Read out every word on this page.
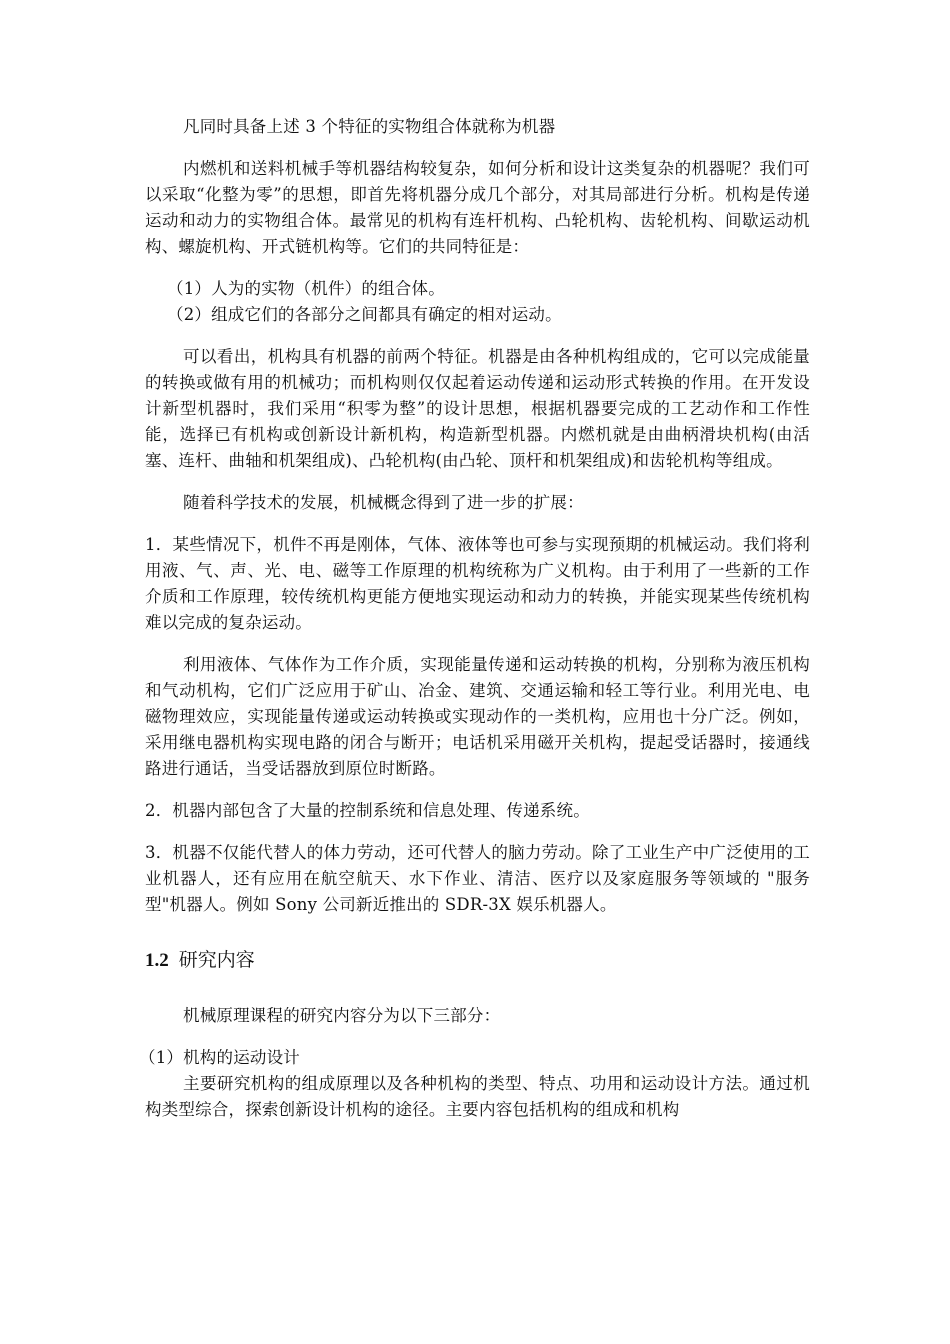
凡同时具备上述 3 个特征的实物组合体就称为机器

内燃机和送料机械手等机器结构较复杂，如何分析和设计这类复杂的机器呢？我们可以采取“化整为零”的思想，即首先将机器分成几个部分，对其局部进行分析。机构是传递运动和动力的实物组合体。最常见的机构有连杆机构、凸轮机构、齿轮机构、间歇运动机构、螺旋机构、开式链机构等。它们的共同特征是：

（1）人为的实物（机件）的组合体。

（2）组成它们的各部分之间都具有确定的相对运动。

可以看出，机构具有机器的前两个特征。机器是由各种机构组成的，它可以完成能量的转换或做有用的机械功；而机构则仅仅起着运动传递和运动形式转换的作用。在开发设计新型机器时，我们采用“积零为整”的设计思想，根据机器要完成的工艺动作和工作性能，选择已有机构或创新设计新机构，构造新型机器。内燃机就是由曲柄滑块机构(由活塞、连杆、曲轴和机架组成)、凸轮机构(由凸轮、顶杆和机架组成)和齿轮机构等组成。

随着科学技术的发展，机械概念得到了进一步的扩展：

1．某些情况下，机件不再是刚体，气体、液体等也可参与实现预期的机械运动。我们将利用液、气、声、光、电、磁等工作原理的机构统称为广义机构。由于利用了一些新的工作介质和工作原理，较传统机构更能方便地实现运动和动力的转换，并能实现某些传统机构难以完成的复杂运动。

利用液体、气体作为工作介质，实现能量传递和运动转换的机构，分别称为液压机构和气动机构，它们广泛应用于矿山、冶金、建筑、交通运输和轻工等行业。利用光电、电磁物理效应，实现能量传递或运动转换或实现动作的一类机构，应用也十分广泛。例如，采用继电器机构实现电路的闭合与断开；电话机采用磁开关机构，提起受话器时，接通线路进行通话，当受话器放到原位时断路。

2．机器内部包含了大量的控制系统和信息处理、传递系统。

3．机器不仅能代替人的体力劳动，还可代替人的脑力劳动。除了工业生产中广泛使用的工业机器人，还有应用在航空航天、水下作业、清洁、医疗以及家庭服务等领域的 "服务型"机器人。例如 Sony 公司新近推出的 SDR-3X 娱乐机器人。

1.2 研究内容

机械原理课程的研究内容分为以下三部分：

（1）机构的运动设计

主要研究机构的组成原理以及各种机构的类型、特点、功用和运动设计方法。通过机构类型综合，探索创新设计机构的途径。主要内容包括机构的组成和机构
